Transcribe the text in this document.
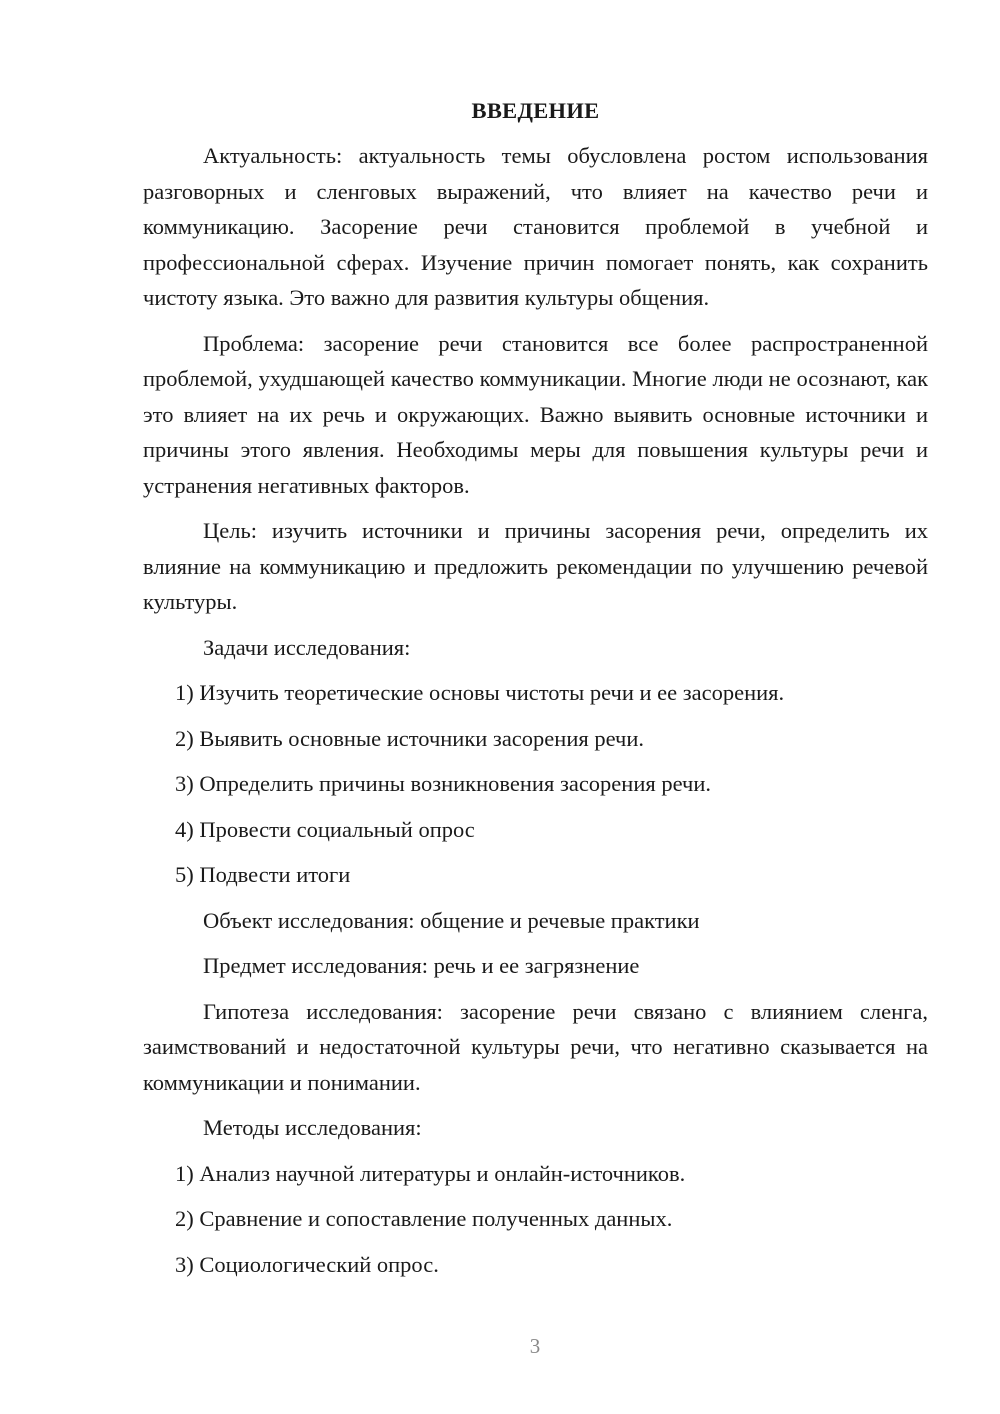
ВВЕДЕНИЕ
Актуальность: актуальность темы обусловлена ростом использования разговорных и сленговых выражений, что влияет на качество речи и коммуникацию. Засорение речи становится проблемой в учебной и профессиональной сферах. Изучение причин помогает понять, как сохранить чистоту языка. Это важно для развития культуры общения.
Проблема: засорение речи становится все более распространенной проблемой, ухудшающей качество коммуникации. Многие люди не осознают, как это влияет на их речь и окружающих. Важно выявить основные источники и причины этого явления. Необходимы меры для повышения культуры речи и устранения негативных факторов.
Цель: изучить источники и причины засорения речи, определить их влияние на коммуникацию и предложить рекомендации по улучшению речевой культуры.
Задачи исследования:
1) Изучить теоретические основы чистоты речи и ее засорения.
2) Выявить основные источники засорения речи.
3) Определить причины возникновения засорения речи.
4) Провести социальный опрос
5) Подвести итоги
Объект исследования: общение и речевые практики
Предмет исследования: речь и ее загрязнение
Гипотеза исследования: засорение речи связано с влиянием сленга, заимствований и недостаточной культуры речи, что негативно сказывается на коммуникации и понимании.
Методы исследования:
1) Анализ научной литературы и онлайн-источников.
2) Сравнение и сопоставление полученных данных.
3) Социологический опрос.
3
